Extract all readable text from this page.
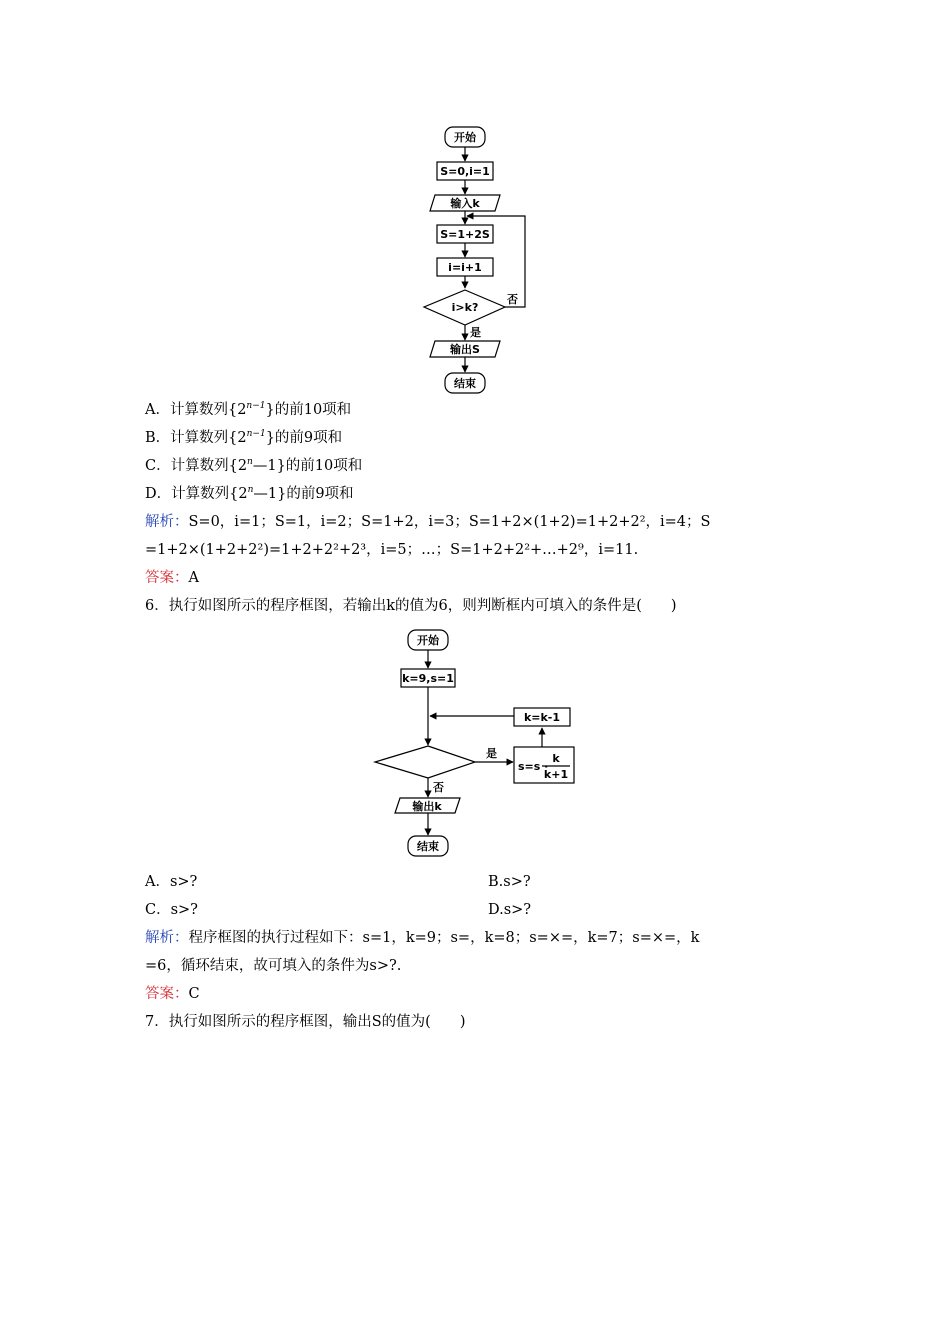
开始
S=0,i=1
输入k
S=1+2S
i=i+1
i>k?
否
是
输出S
结束
A．计算数列$\{2^{n-1}\}$的前10项和
B．计算数列$\{2^{n-1}\}$的前9项和
C．计算数列{2$^n$—1}的前10项和
D．计算数列{2$^n$—1}的前9项和
解析：S=0，i=1；S=1，i=2；S=1+2，i=3；S=1+2×(1+2)=1+2+2²，i=4；S
=1+2×(1+2+2²)=1+2+2²+2³，i=5；…；S=1+2+2²+…+2⁹，i=11.
答案：A
6．执行如图所示的程序框图，若输出k的值为6，则判断框内可填入的条件是(　　)
开始
k=9,s=1
k=k-1
是
否
s=s ·
k
k+1
输出k
结束
A．s>?	B.s>?
C．s>?	D.s>?
解析：程序框图的执行过程如下：s=1，k=9；s=，k=8；s=×=，k=7；s=×=，k
=6，循环结束，故可填入的条件为s>?.
答案：C
7．执行如图所示的程序框图，输出S的值为(　　)
